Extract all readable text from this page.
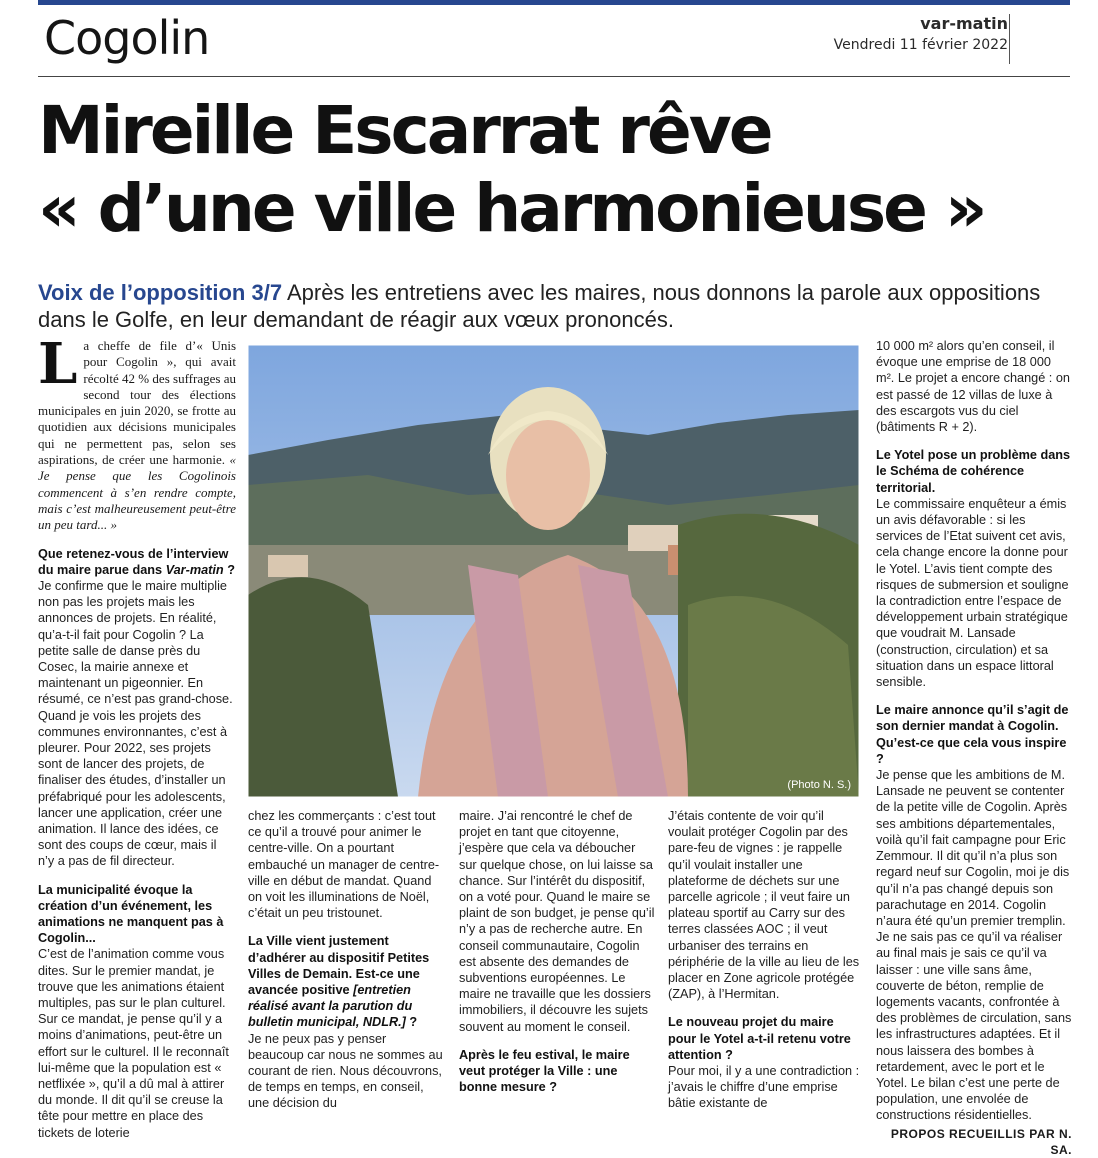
Cogolin	var-matin
Vendredi 11 février 2022
Mireille Escarrat rêve
« d’une ville harmonieuse »
Voix de l’opposition 3/7 Après les entretiens avec les maires, nous donnons la parole aux oppositions dans le Golfe, en leur demandant de réagir aux vœux prononcés.
La cheffe de file d’« Unis pour Cogolin », qui avait récolté 42 % des suffrages au second tour des élections municipales en juin 2020, se frotte au quotidien aux décisions municipales qui ne permettent pas, selon ses aspirations, de créer une harmonie. « Je pense que les Cogolinois commencent à s’en rendre compte, mais c’est malheureusement peut-être un peu tard... »
Que retenez-vous de l’interview du maire parue dans Var-matin ?
Je confirme que le maire multiplie non pas les projets mais les annonces de projets. En réalité, qu’a-t-il fait pour Cogolin ? La petite salle de danse près du Cosec, la mairie annexe et maintenant un pigeonnier. En résumé, ce n’est pas grand-chose. Quand je vois les projets des communes environnantes, c’est à pleurer. Pour 2022, ses projets sont de lancer des projets, de finaliser des études, d’installer un préfabriqué pour les adolescents, lancer une application, créer une animation. Il lance des idées, ce sont des coups de cœur, mais il n’y a pas de fil directeur.
La municipalité évoque la création d’un événement, les animations ne manquent pas à Cogolin...
C’est de l’animation comme vous dites. Sur le premier mandat, je trouve que les animations étaient multiples, pas sur le plan culturel. Sur ce mandat, je pense qu’il y a moins d’animations, peut-être un effort sur le culturel. Il le reconnaît lui-même que la population est « netflixée », qu’il a dû mal à attirer du monde. Il dit qu’il se creuse la tête pour mettre en place des tickets de loterie
(Photo N. S.)
chez les commerçants : c’est tout ce qu’il a trouvé pour animer le centre-ville. On a pourtant embauché un manager de centre-ville en début de mandat. Quand on voit les illuminations de Noël, c’était un peu tristounet.
La Ville vient justement d’adhérer au dispositif Petites Villes de Demain. Est-ce une avancée positive [entretien réalisé avant la parution du bulletin municipal, NDLR.] ?
Je ne peux pas y penser beaucoup car nous ne sommes au courant de rien. Nous découvrons, de temps en temps, en conseil, une décision du
maire. J’ai rencontré le chef de projet en tant que citoyenne, j’espère que cela va déboucher sur quelque chose, on lui laisse sa chance. Sur l’intérêt du dispositif, on a voté pour. Quand le maire se plaint de son budget, je pense qu’il n’y a pas de recherche autre. En conseil communautaire, Cogolin est absente des demandes de subventions européennes. Le maire ne travaille que les dossiers immobiliers, il découvre les sujets souvent au moment le conseil.
Après le feu estival, le maire veut protéger la Ville : une bonne mesure ?
J’étais contente de voir qu’il voulait protéger Cogolin par des pare-feu de vignes : je rappelle qu’il voulait installer une plateforme de déchets sur une parcelle agricole ; il veut faire un plateau sportif au Carry sur des terres classées AOC ; il veut urbaniser des terrains en périphérie de la ville au lieu de les placer en Zone agricole protégée (ZAP), à l’Hermitan.
Le nouveau projet du maire pour le Yotel a-t-il retenu votre attention ?
Pour moi, il y a une contradiction : j’avais le chiffre d’une emprise bâtie existante de
10 000 m² alors qu’en conseil, il évoque une emprise de 18 000 m². Le projet a encore changé : on est passé de 12 villas de luxe à des escargots vus du ciel (bâtiments R + 2).
Le Yotel pose un problème dans le Schéma de cohérence territorial.
Le commissaire enquêteur a émis un avis défavorable : si les services de l’Etat suivent cet avis, cela change encore la donne pour le Yotel. L’avis tient compte des risques de submersion et souligne la contradiction entre l’espace de développement urbain stratégique que voudrait M. Lansade (construction, circulation) et sa situation dans un espace littoral sensible.
Le maire annonce qu’il s’agit de son dernier mandat à Cogolin. Qu’est-ce que cela vous inspire ?
Je pense que les ambitions de M. Lansade ne peuvent se contenter de la petite ville de Cogolin. Après ses ambitions départementales, voilà qu’il fait campagne pour Eric Zemmour. Il dit qu’il n’a plus son regard neuf sur Cogolin, moi je dis qu’il n’a pas changé depuis son parachutage en 2014. Cogolin n’aura été qu’un premier tremplin. Je ne sais pas ce qu’il va réaliser au final mais je sais ce qu’il va laisser : une ville sans âme, couverte de béton, remplie de logements vacants, confrontée à des problèmes de circulation, sans les infrastructures adaptées. Et il nous laissera des bombes à retardement, avec le port et le Yotel. Le bilan c’est une perte de population, une envolée de constructions résidentielles.
PROPOS RECUEILLIS PAR N. SA.
